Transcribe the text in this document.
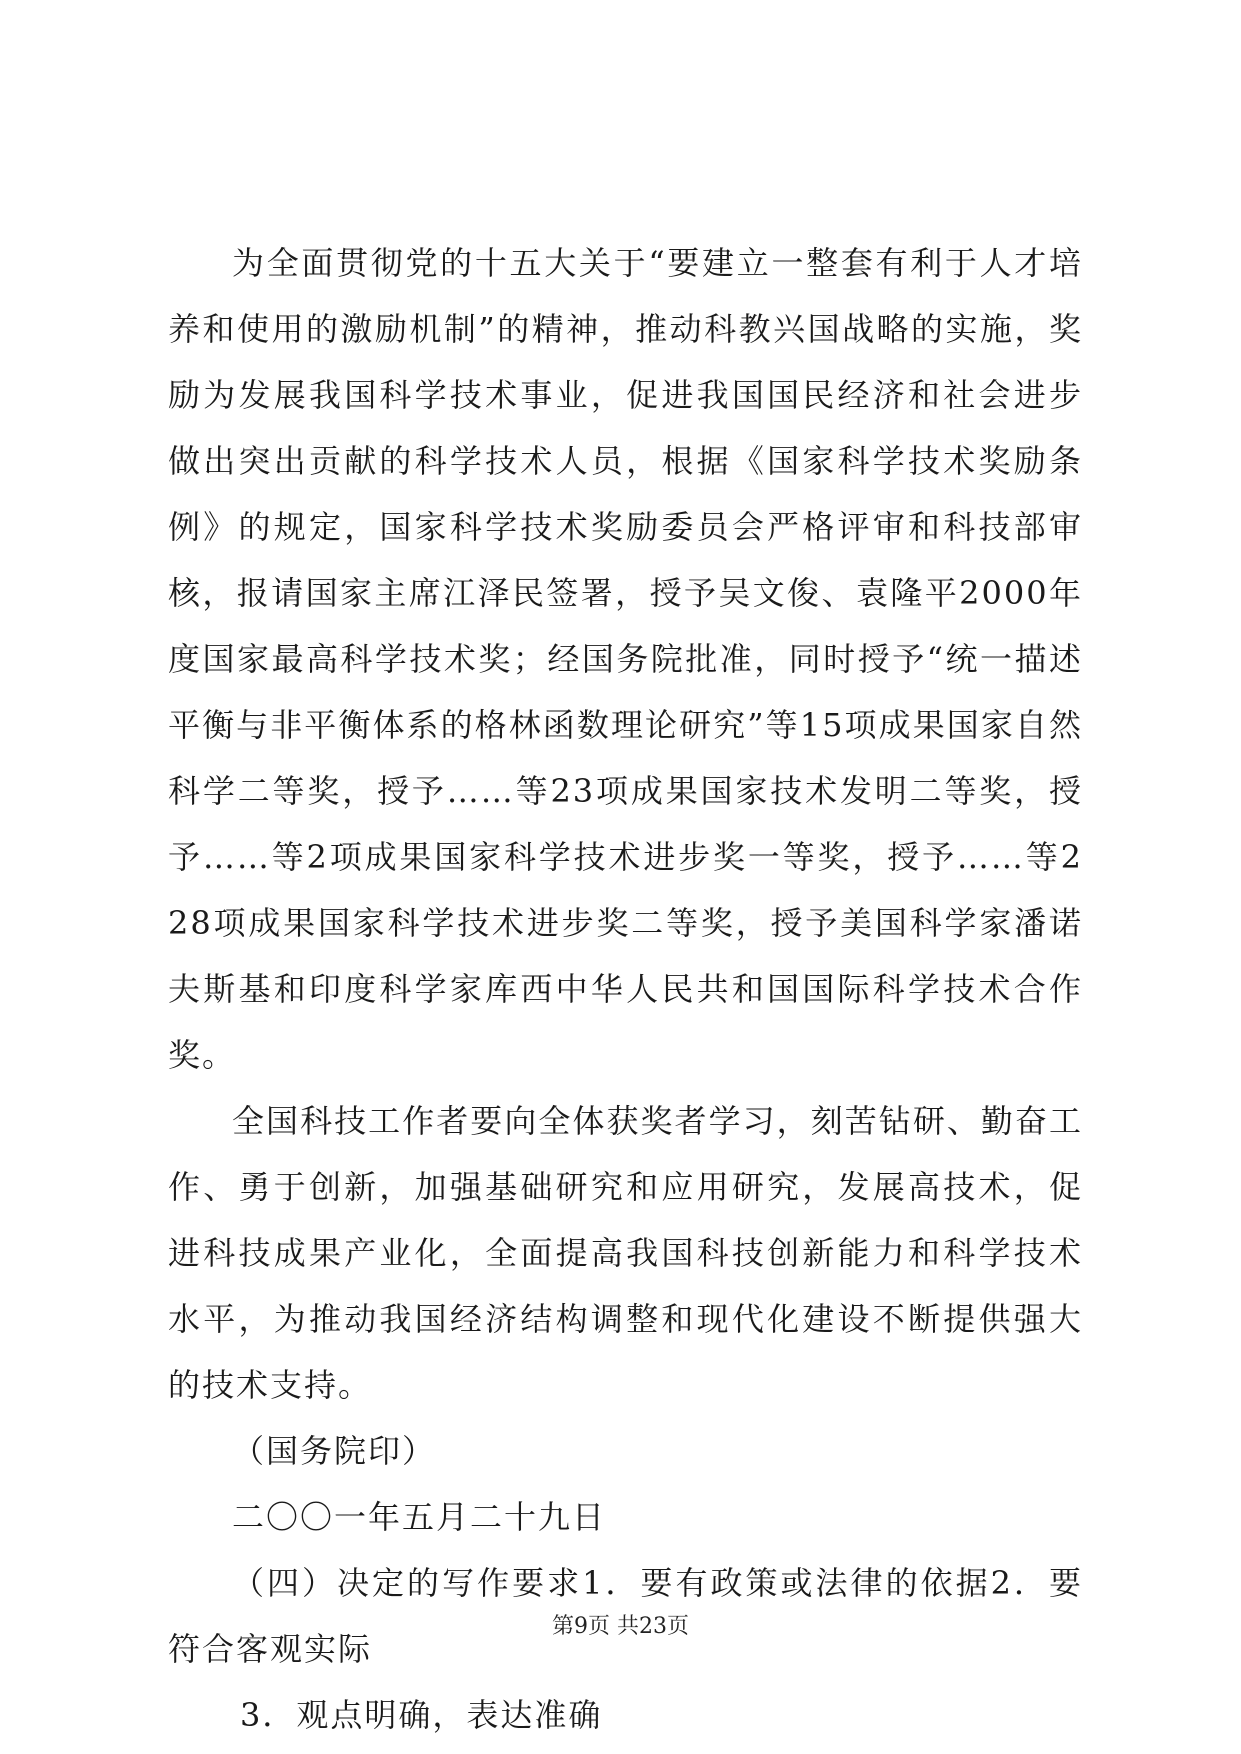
为全面贯彻党的十五大关于“要建立一整套有利于人才培养和使用的激励机制”的精神，推动科教兴国战略的实施，奖励为发展我国科学技术事业，促进我国国民经济和社会进步做出突出贡献的科学技术人员，根据《国家科学技术奖励条例》的规定，国家科学技术奖励委员会严格评审和科技部审核，报请国家主席江泽民签署，授予吴文俊、袁隆平2000年度国家最高科学技术奖；经国务院批准，同时授予“统一描述平衡与非平衡体系的格林函数理论研究”等15项成果国家自然科学二等奖，授予……等23项成果国家技术发明二等奖，授予……等2项成果国家科学技术进步奖一等奖，授予……等228项成果国家科学技术进步奖二等奖，授予美国科学家潘诺夫斯基和印度科学家库西中华人民共和国国际科学技术合作奖。

全国科技工作者要向全体获奖者学习，刻苦钻研、勤奋工作、勇于创新，加强基础研究和应用研究，发展高技术，促进科技成果产业化，全面提高我国科技创新能力和科学技术水平，为推动我国经济结构调整和现代化建设不断提供强大的技术支持。

（国务院印）

二〇〇一年五月二十九日

（四）决定的写作要求1．要有政策或法律的依据2．要符合客观实际

3．观点明确，表达准确

第9页 共23页
